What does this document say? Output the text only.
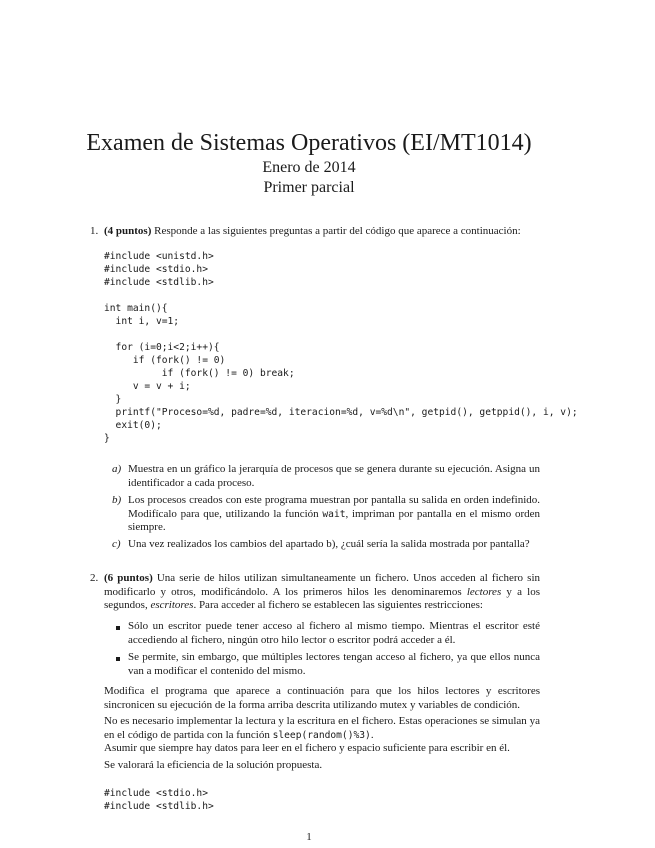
Examen de Sistemas Operativos (EI/MT1014)
Enero de 2014
Primer parcial
1. (4 puntos) Responde a las siguientes preguntas a partir del código que aparece a continuación:
#include <unistd.h>
#include <stdio.h>
#include <stdlib.h>

int main(){
int i, v=1;

for (i=0;i<2;i++){
if (fork() != 0)
if (fork() != 0) break;
v = v + i;
}
printf("Proceso=%d, padre=%d, iteracion=%d, v=%d\n", getpid(), getppid(), i, v);
exit(0);
}
a) Muestra en un gráfico la jerarquía de procesos que se genera durante su ejecución. Asigna un identificador a cada proceso.
b) Los procesos creados con este programa muestran por pantalla su salida en orden indefinido. Modifícalo para que, utilizando la función wait, impriman por pantalla en el mismo orden siempre.
c) Una vez realizados los cambios del apartado b), ¿cuál sería la salida mostrada por pantalla?
2. (6 puntos) Una serie de hilos utilizan simultaneamente un fichero. Unos acceden al fichero sin modificarlo y otros, modificándolo. A los primeros hilos les denominaremos lectores y a los segundos, escritores. Para acceder al fichero se establecen las siguientes restricciones:
Sólo un escritor puede tener acceso al fichero al mismo tiempo. Mientras el escritor esté accediendo al fichero, ningún otro hilo lector o escritor podrá acceder a él.
Se permite, sin embargo, que múltiples lectores tengan acceso al fichero, ya que ellos nunca van a modificar el contenido del mismo.
Modifica el programa que aparece a continuación para que los hilos lectores y escritores sincronicen su ejecución de la forma arriba descrita utilizando mutex y variables de condición.
No es necesario implementar la lectura y la escritura en el fichero. Estas operaciones se simulan ya en el código de partida con la función sleep(random()%3).
Asumir que siempre hay datos para leer en el fichero y espacio suficiente para escribir en él.
Se valorará la eficiencia de la solución propuesta.
#include <stdio.h>
#include <stdlib.h>
1
